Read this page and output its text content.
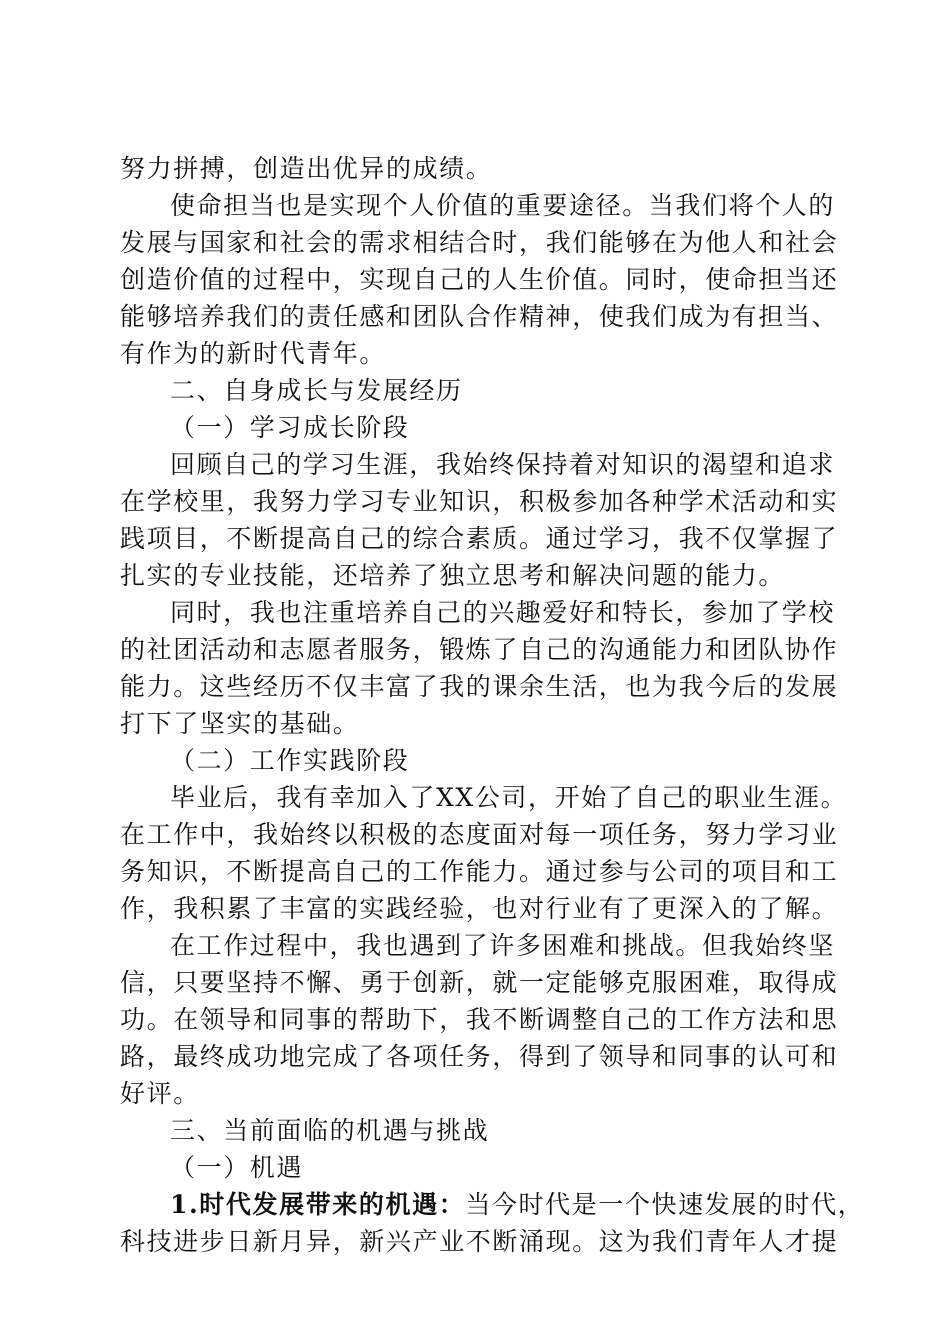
努力拼搏，创造出优异的成绩。
使命担当也是实现个人价值的重要途径。当我们将个人的
发展与国家和社会的需求相结合时，我们能够在为他人和社会
创造价值的过程中，实现自己的人生价值。同时，使命担当还
能够培养我们的责任感和团队合作精神，使我们成为有担当、
有作为的新时代青年。
二、自身成长与发展经历
（一）学习成长阶段
回顾自己的学习生涯，我始终保持着对知识的渴望和追求
在学校里，我努力学习专业知识，积极参加各种学术活动和实
践项目，不断提高自己的综合素质。通过学习，我不仅掌握了
扎实的专业技能，还培养了独立思考和解决问题的能力。
同时，我也注重培养自己的兴趣爱好和特长，参加了学校
的社团活动和志愿者服务，锻炼了自己的沟通能力和团队协作
能力。这些经历不仅丰富了我的课余生活，也为我今后的发展
打下了坚实的基础。
（二）工作实践阶段
毕业后，我有幸加入了XX公司，开始了自己的职业生涯。
在工作中，我始终以积极的态度面对每一项任务，努力学习业
务知识，不断提高自己的工作能力。通过参与公司的项目和工
作，我积累了丰富的实践经验，也对行业有了更深入的了解。
在工作过程中，我也遇到了许多困难和挑战。但我始终坚
信，只要坚持不懈、勇于创新，就一定能够克服困难，取得成
功。在领导和同事的帮助下，我不断调整自己的工作方法和思
路，最终成功地完成了各项任务，得到了领导和同事的认可和
好评。
三、当前面临的机遇与挑战
（一）机遇
1.时代发展带来的机遇：当今时代是一个快速发展的时代，
科技进步日新月异，新兴产业不断涌现。这为我们青年人才提
